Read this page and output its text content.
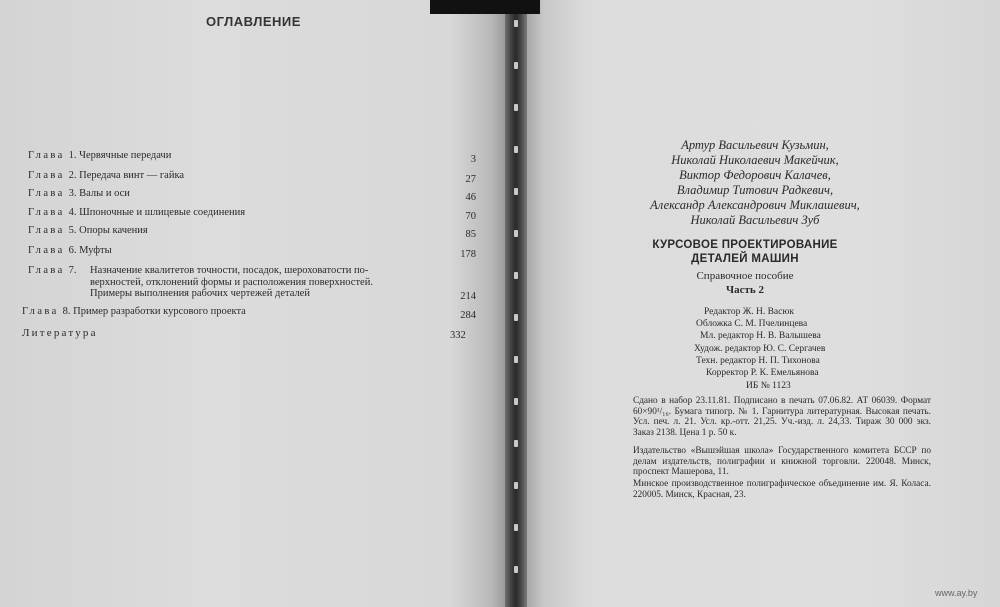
ОГЛАВЛЕНИЕ
Глава 1. Червячные передачи	3
Глава 2. Передача винт — гайка	27
Глава 3. Валы и оси	46
Глава 4. Шпоночные и шлицевые соединения	70
Глава 5. Опоры качения	85
Глава 6. Муфты	178
Глава 7. Назначение квалитетов точности, посадок, шероховатости по-
верхностей, отклонений формы и расположения поверхностей.
Примеры выполнения рабочих чертежей деталей	214
Глава 8. Пример разработки курсового проекта	284
Литература	332
Артур Васильевич Кузьмин,
Николай Николаевич Макейчик,
Виктор Федорович Калачев,
Владимир Титович Радкевич,
Александр Александрович Миклашевич,
Николай Васильевич Зуб
КУРСОВОЕ ПРОЕКТИРОВАНИЕ
ДЕТАЛЕЙ МАШИН
Справочное пособие
Часть 2
Редактор Ж. Н. Васюк
Обложка С. М. Пчелинцева
Мл. редактор Н. В. Валышева
Худож. редактор Ю. С. Сергачев
Техн. редактор Н. П. Тихонова
Корректор Р. К. Емельянова
ИБ № 1123
Сдано в набор 23.11.81. Подписано в печать 07.06.82. АТ 06039. Формат 60×90¹/₁₆. Бумага типогр. № 1. Гарнитура литературная. Высокая печать. Усл. печ. л. 21. Усл. кр.-отт. 21,25. Уч.-изд. л. 24,33. Тираж 30 000 экз. Заказ 2138. Цена 1 р. 50 к.
Издательство «Вышэйшая школа» Государственного комитета БССР по делам издательств, полиграфии и книжной торговли. 220048. Минск, проспект Машерова, 11.
Минское производственное полиграфическое объединение им. Я. Коласа. 220005. Минск, Красная, 23.
www.ay.by
